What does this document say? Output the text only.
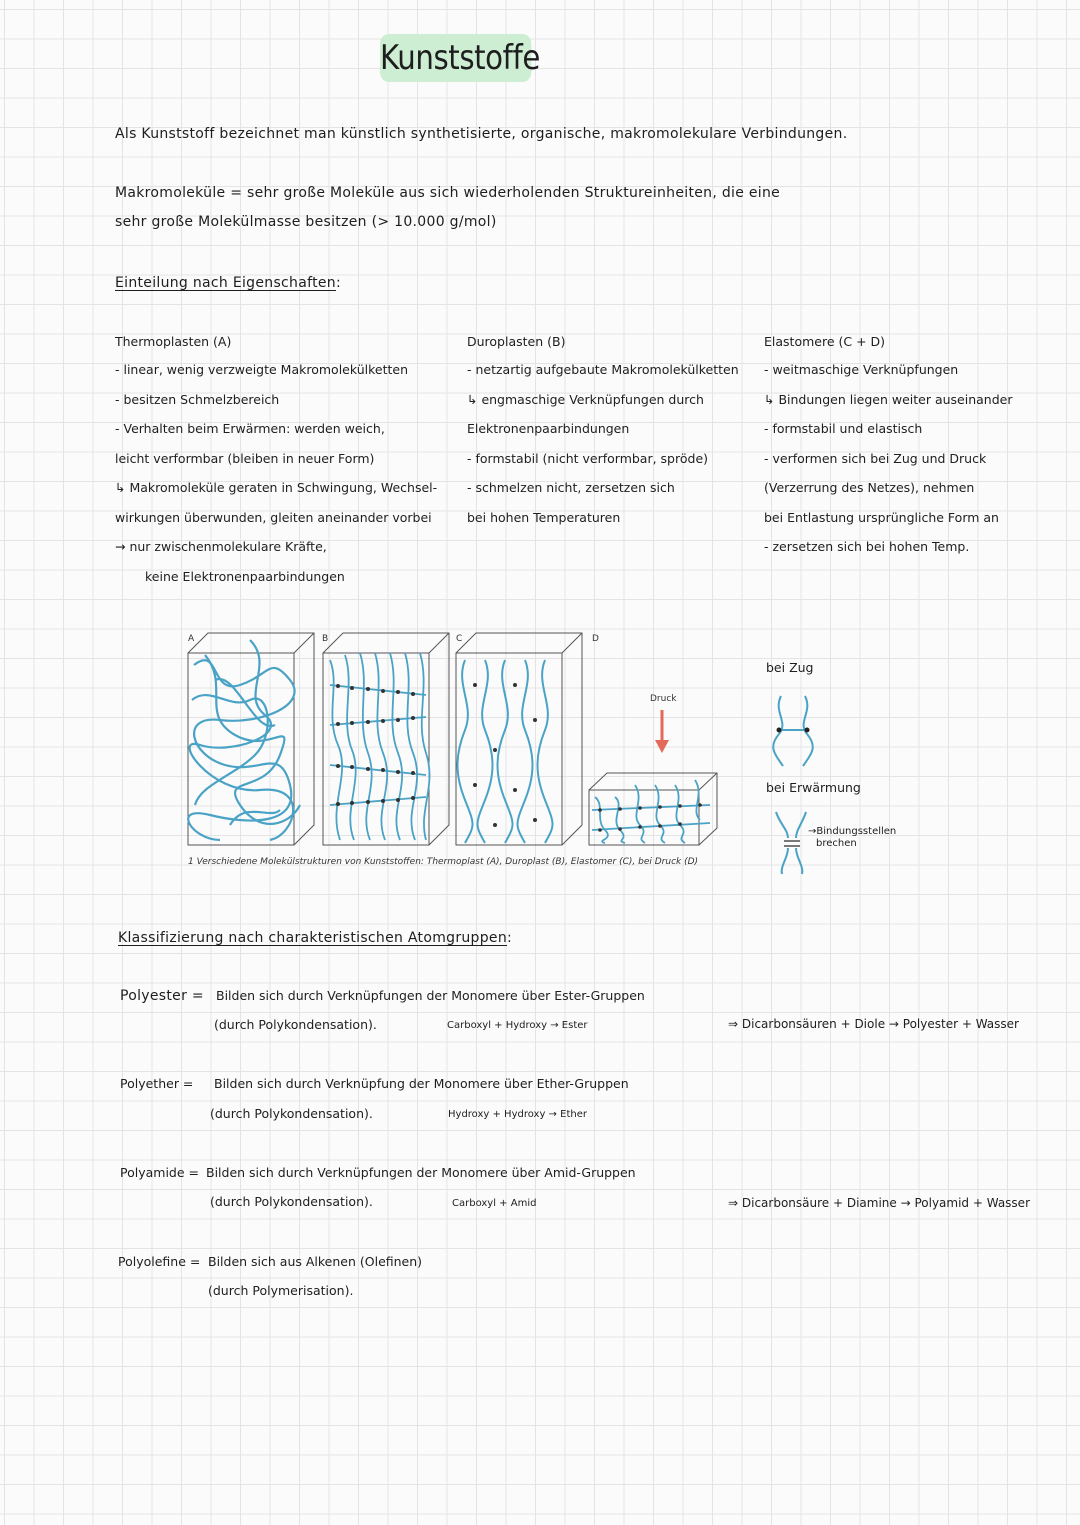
Kunststoffe
Als Kunststoff bezeichnet man künstlich synthetisierte, organische, makromolekulare Verbindungen.
Makromoleküle = sehr große Moleküle aus sich wiederholenden Struktureinheiten, die eine
sehr große Molekülmasse besitzen (> 10.000 g/mol)
Einteilung nach Eigenschaften:
Thermoplasten (A)
- linear, wenig verzweigte Makromolekülketten
- besitzen Schmelzbereich
- Verhalten beim Erwärmen: werden weich,
leicht verformbar (bleiben in neuer Form)
↳ Makromoleküle geraten in Schwingung, Wechsel-
wirkungen überwunden, gleiten aneinander vorbei
→ nur zwischenmolekulare Kräfte,
keine Elektronenpaarbindungen
Duroplasten (B)
- netzartig aufgebaute Makromolekülketten
↳ engmaschige Verknüpfungen durch
Elektronenpaarbindungen
- formstabil (nicht verformbar, spröde)
- schmelzen nicht, zersetzen sich
bei hohen Temperaturen
Elastomere (C + D)
- weitmaschige Verknüpfungen
↳ Bindungen liegen weiter auseinander
- formstabil und elastisch
- verformen sich bei Zug und Druck
(Verzerrung des Netzes), nehmen
bei Entlastung ursprüngliche Form an
- zersetzen sich bei hohen Temp.
A	B	C	D
Druck
1 Verschiedene Molekülstrukturen von Kunststoffen: Thermoplast (A), Duroplast (B), Elastomer (C), bei Druck (D)
bei Zug
bei Erwärmung
→Bindungsstellen
brechen
Klassifizierung nach charakteristischen Atomgruppen:
Polyester = Bilden sich durch Verknüpfungen der Monomere über Ester-Gruppen
(durch Polykondensation).	Carboxyl + Hydroxy → Ester	⇒ Dicarbonsäuren + Diole → Polyester + Wasser
Polyether = Bilden sich durch Verknüpfung der Monomere über Ether-Gruppen
(durch Polykondensation).	Hydroxy + Hydroxy → Ether
Polyamide = Bilden sich durch Verknüpfungen der Monomere über Amid-Gruppen
(durch Polykondensation).	Carboxyl + Amid	⇒ Dicarbonsäure + Diamine → Polyamid + Wasser
Polyolefine = Bilden sich aus Alkenen (Olefinen)
(durch Polymerisation).
